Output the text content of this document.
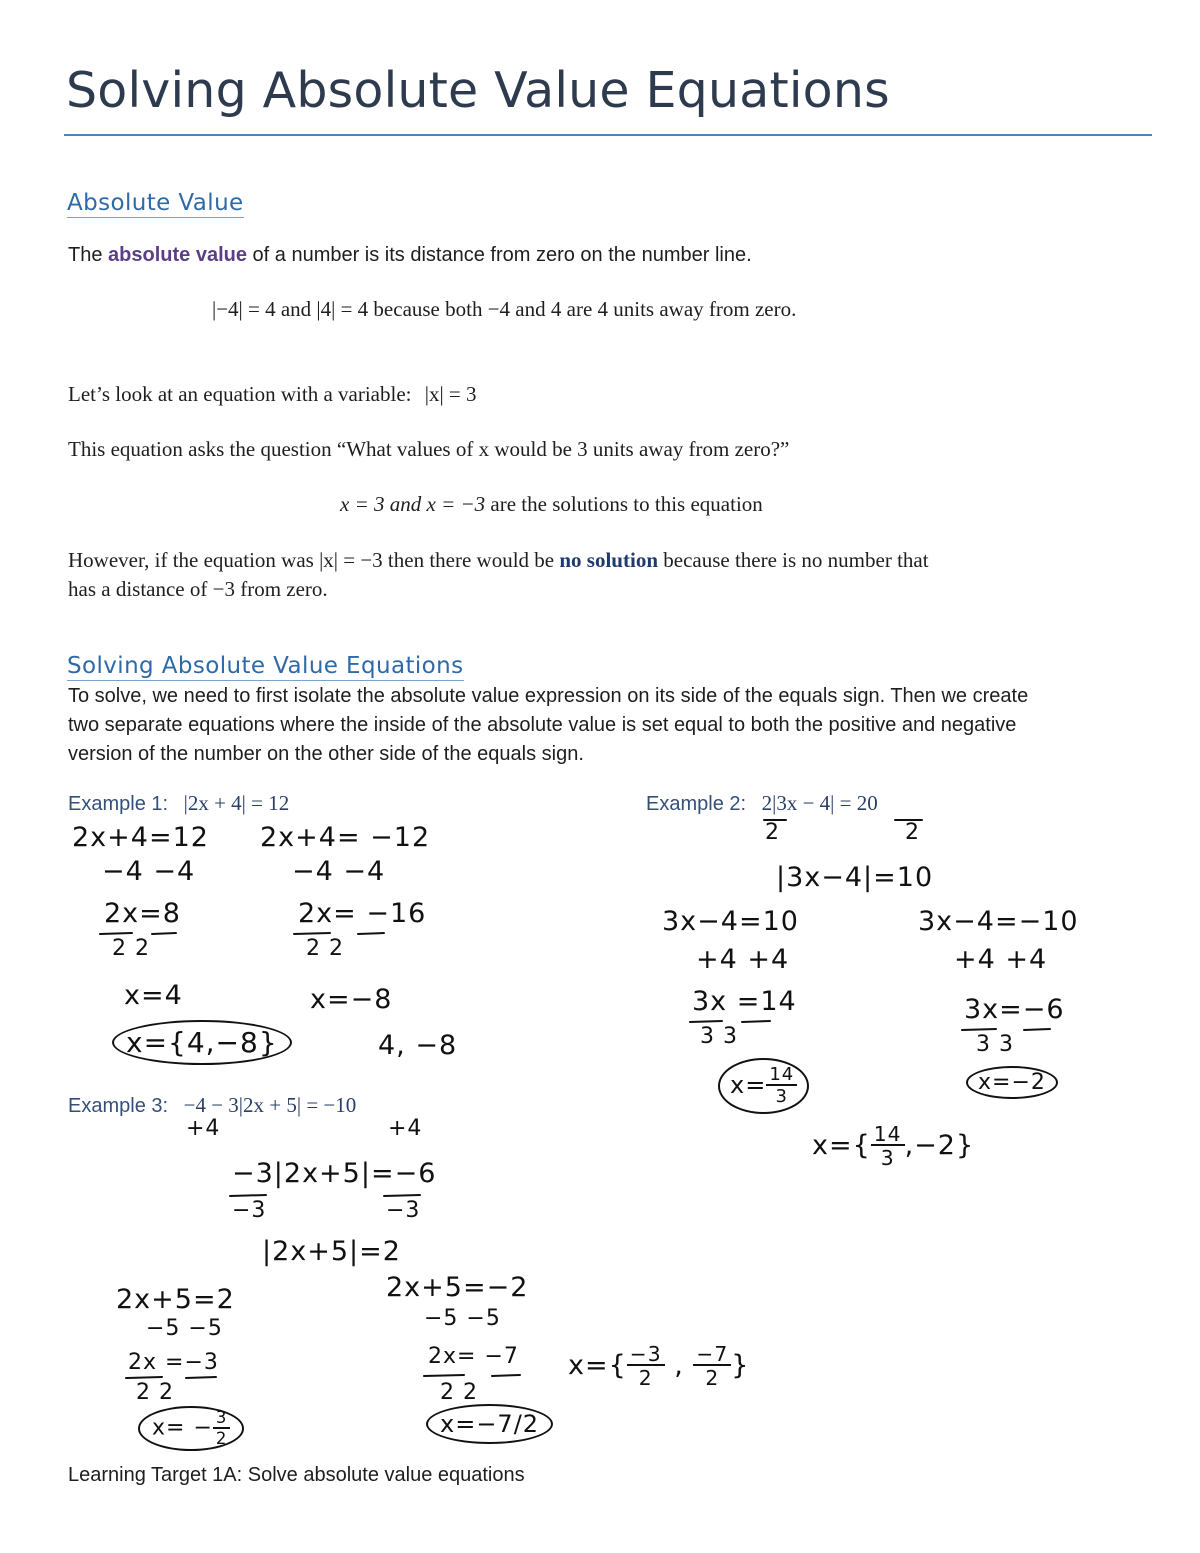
Solving Absolute Value Equations
Absolute Value
The absolute value of a number is its distance from zero on the number line.
|−4| = 4 and |4| = 4 because both −4 and 4 are 4 units away from zero.
Let’s look at an equation with a variable: |x| = 3
This equation asks the question “What values of x would be 3 units away from zero?”
x = 3 and x = −3 are the solutions to this equation
However, if the equation was |x| = −3 then there would be no solution because there is no number that
has a distance of −3 from zero.
Solving Absolute Value Equations
To solve, we need to first isolate the absolute value expression on its side of the equals sign. Then we create
two separate equations where the inside of the absolute value is set equal to both the positive and negative
version of the number on the other side of the equals sign.
Example 1: |2x + 4| = 12
2x+4=12
−4 −4
2x=8
2 2
x=4
x={4,−8}
2x+4= −12
−4 −4
2x= −16
2 2
x=−8
4, −8
Example 2: 2|3x − 4| = 20
2	2
|3x−4|=10
3x−4=10
+4 +4
3x =14
3 3
$x= \frac{14}{3}$
3x−4=−10
+4 +4
3x=−6
3 3
x=−2
$x=\{ \frac{14}{3} ,-2\}$
Example 3: −4 − 3|2x + 5| = −10
+4	+4
−3|2x+5|=−6
−3	−3
|2x+5|=2
2x+5=2
−5 −5
2x =−3
2 2
$x= - \frac{3}{2}$
2x+5=−2
−5 −5
2x= −7
2 2
x=−7/2
$x=\{ \frac{-3}{2}$ , $\frac{-7}{2}$ }
Learning Target 1A: Solve absolute value equations
